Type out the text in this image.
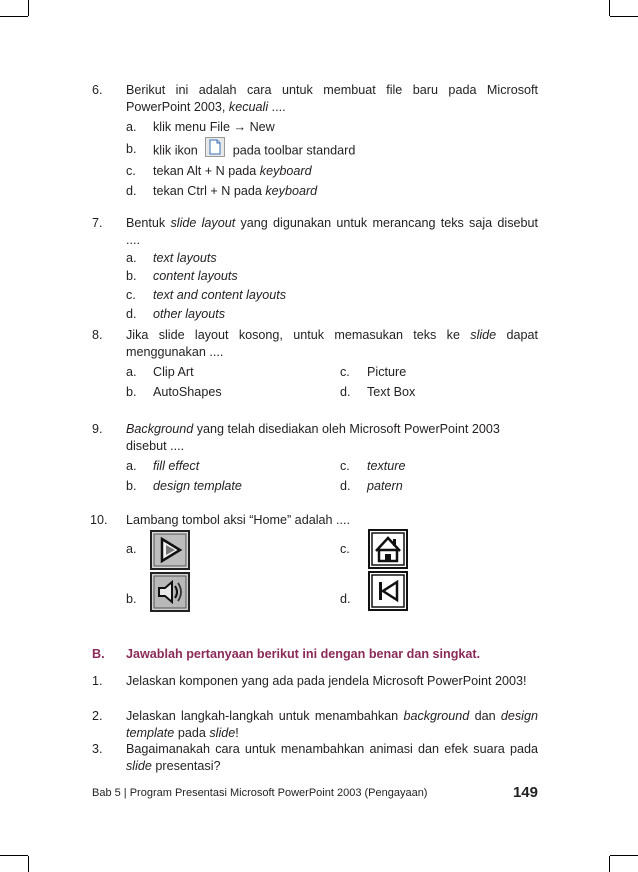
6. Berikut ini adalah cara untuk membuat file baru pada Microsoft PowerPoint 2003, kecuali ....
a. klik menu File → New
b. klik ikon	pada toolbar standard
c. tekan Alt + N pada keyboard
d. tekan Ctrl + N pada keyboard
7. Bentuk slide layout yang digunakan untuk merancang teks saja disebut ....
a. text layouts
b. content layouts
c. text and content layouts
d. other layouts
8. Jika slide layout kosong, untuk memasukan teks ke slide dapat menggunakan ....
a. Clip Art	c. Picture
b. AutoShapes	d. Text Box
9. Background yang telah disediakan oleh Microsoft PowerPoint 2003 disebut ....
a. fill effect	c. texture
b. design template	d. patern
10. Lambang tombol aksi “Home” adalah ....
a.	c.
b.	d.
B. Jawablah pertanyaan berikut ini dengan benar dan singkat.
1. Jelaskan komponen yang ada pada jendela Microsoft PowerPoint 2003!
2. Jelaskan langkah-langkah untuk menambahkan background dan design template pada slide!
3. Bagaimanakah cara untuk menambahkan animasi dan efek suara pada slide presentasi?
Bab 5 | Program Presentasi Microsoft PowerPoint 2003 (Pengayaan)	149
